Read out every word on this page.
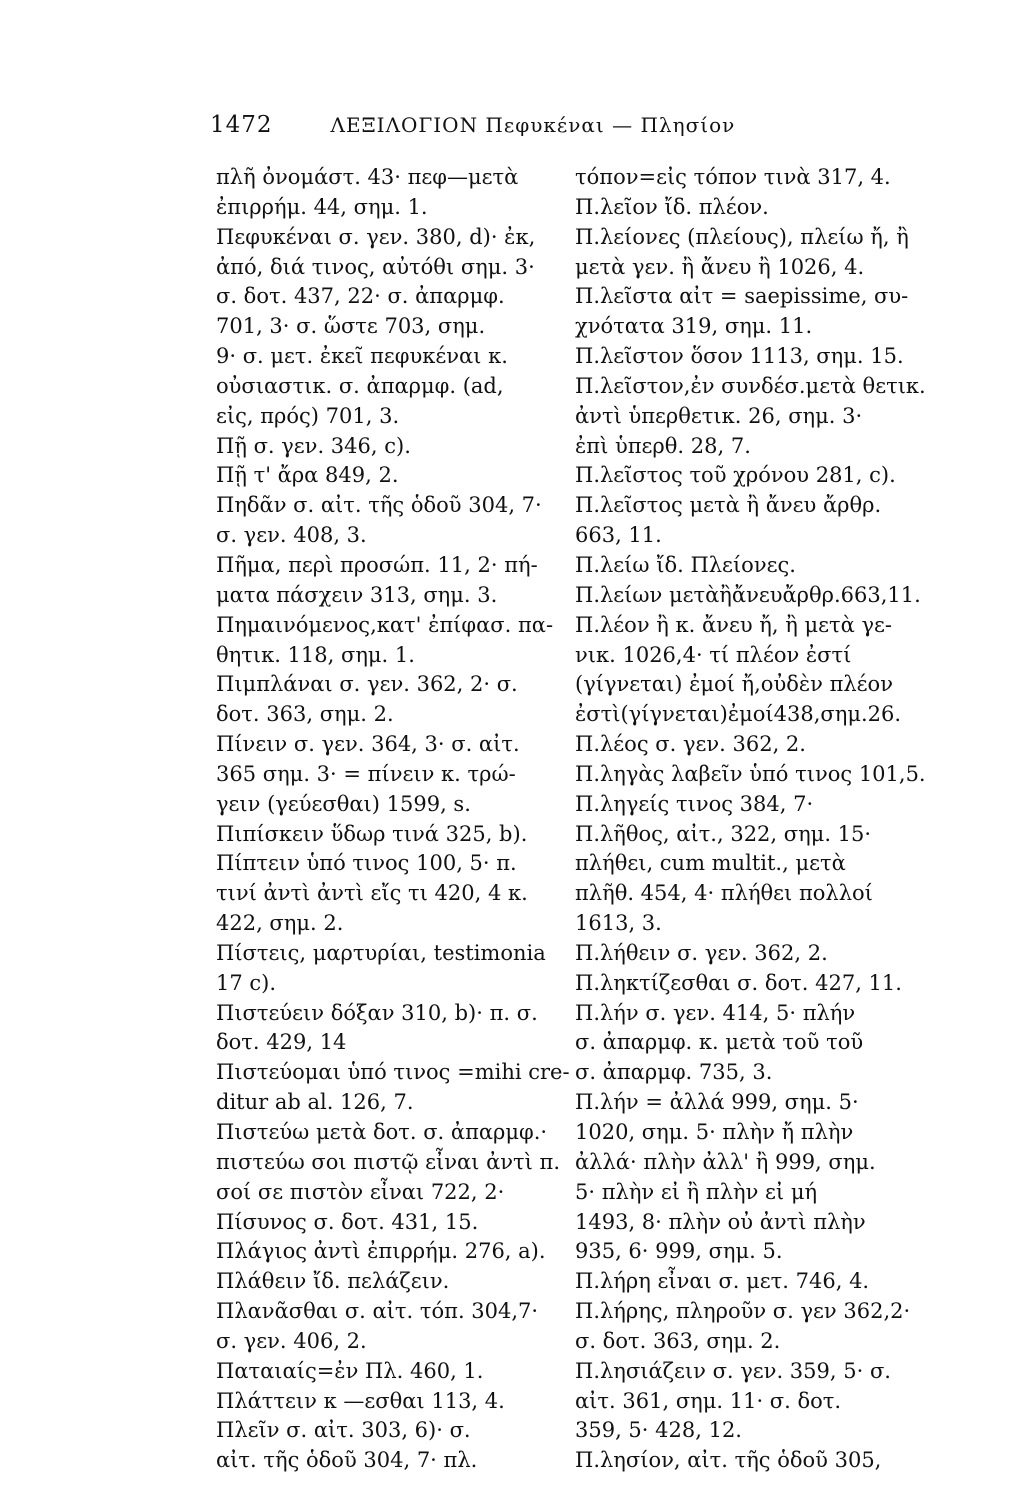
1472	ΛΕΞΙΛΟΓΙΟΝ Πεφυκέναι — Πλησίον
πλῆ ὀνομάστ. 43· πεφ—μετὰ
ἐπιρρήμ. 44, σημ. 1.
Πεφυκέναι σ. γεν. 380, d)· ἐκ,
ἀπό, διά τινος, αὐτόθι σημ. 3·
σ. δοτ. 437, 22· σ. ἀπαρμφ.
701, 3· σ. ὥστε 703, σημ.
9· σ. μετ. ἐκεῖ πεφυκέναι κ.
οὐσιαστικ. σ. ἀπαρμφ. (ad,
εἰς, πρός) 701, 3.
Πῇ σ. γεν. 346, c).
Πῇ τ' ἄρα 849, 2.
Πηδᾶν σ. αἰτ. τῆς ὁδοῦ 304, 7·
σ. γεν. 408, 3.
Πῆμα, περὶ προσώπ. 11, 2· πή-
ματα πάσχειν 313, σημ. 3.
Πημαινόμενος,κατ' ἐπίφασ. πα-
θητικ. 118, σημ. 1.
Πιμπλάναι σ. γεν. 362, 2· σ.
δοτ. 363, σημ. 2.
Πίνειν σ. γεν. 364, 3· σ. αἰτ.
365 σημ. 3· = πίνειν κ. τρώ-
γειν (γεύεσθαι) 1599, s.
Πιπίσκειν ὕδωρ τινά 325, b).
Πίπτειν ὑπό τινος 100, 5· π.
τινί ἀντὶ ἀντὶ εἴς τι 420, 4 κ.
422, σημ. 2.
Πίστεις, μαρτυρίαι, testimonia
17 c).
Πιστεύειν δόξαν 310, b)· π. σ.
δοτ. 429, 14
Πιστεύομαι ὑπό τινος =mihi cre-
ditur ab al. 126, 7.
Πιστεύω μετὰ δοτ. σ. ἀπαρμφ.·
πιστεύω σοι πιστῷ εἶναι ἀντὶ π.
σοί σε πιστὸν εἶναι 722, 2·
Πίσυνος σ. δοτ. 431, 15.
Πλάγιος ἀντὶ ἐπιρρήμ. 276, a).
Πλάθειν ἴδ. πελάζειν.
Πλανᾶσθαι σ. αἰτ. τόπ. 304,7·
σ. γεν. 406, 2.
Παταιαίς=ἐν Πλ. 460, 1.
Πλάττειν κ —εσθαι 113, 4.
Πλεῖν σ. αἰτ. 303, 6)· σ.
αἰτ. τῆς ὁδοῦ 304, 7· πλ.
τόπον=εἰς τόπον τινὰ 317, 4.
Π.λεῖον ἴδ. πλέον.
Π.λείονες (πλείους), πλείω ἤ, ἢ
μετὰ γεν. ἢ ἄνευ ἢ 1026, 4.
Π.λεῖστα αἰτ = saepissime, συ-
χνότατα 319, σημ. 11.
Π.λεῖστον ὅσον 1113, σημ. 15.
Π.λεῖστον,ἐν συνδέσ.μετὰ θετικ.
ἀντὶ ὑπερθετικ. 26, σημ. 3·
ἐπὶ ὑπερθ. 28, 7.
Π.λεῖστος τοῦ χρόνου 281, c).
Π.λεῖστος μετὰ ἢ ἄνευ ἄρθρ.
663, 11.
Π.λείω ἴδ. Πλείονες.
Π.λείων μετὰἢἄνευἄρθρ.663,11.
Π.λέον ἢ κ. ἄνευ ἤ, ἢ μετὰ γε-
νικ. 1026,4· τί πλέον ἐστί
(γίγνεται) ἐμοί ἤ,οὐδὲν πλέον
ἐστὶ(γίγνεται)ἐμοί438,σημ.26.
Π.λέος σ. γεν. 362, 2.
Π.ληγὰς λαβεῖν ὑπό τινος 101,5.
Π.ληγείς τινος 384, 7·
Π.λῆθος, αἰτ., 322, σημ. 15·
πλήθει, cum multit., μετὰ
πλῆθ. 454, 4· πλήθει πολλοί
1613, 3.
Π.λήθειν σ. γεν. 362, 2.
Π.ληκτίζεσθαι σ. δοτ. 427, 11.
Π.λήν σ. γεν. 414, 5· πλήν
σ. ἀπαρμφ. κ. μετὰ τοῦ τοῦ
σ. ἀπαρμφ. 735, 3.
Π.λήν = ἀλλά 999, σημ. 5·
1020, σημ. 5· πλὴν ἤ πλὴν
ἀλλά· πλὴν ἀλλ' ἢ 999, σημ.
5· πλὴν εἰ ἢ πλὴν εἰ μή
1493, 8· πλὴν οὐ ἀντὶ πλὴν
935, 6· 999, σημ. 5.
Π.λήρη εἶναι σ. μετ. 746, 4.
Π.λήρης, πληροῦν σ. γεν 362,2·
σ. δοτ. 363, σημ. 2.
Π.λησιάζειν σ. γεν. 359, 5· σ.
αἰτ. 361, σημ. 11· σ. δοτ.
359, 5· 428, 12.
Π.λησίον, αἰτ. τῆς ὁδοῦ 305,
